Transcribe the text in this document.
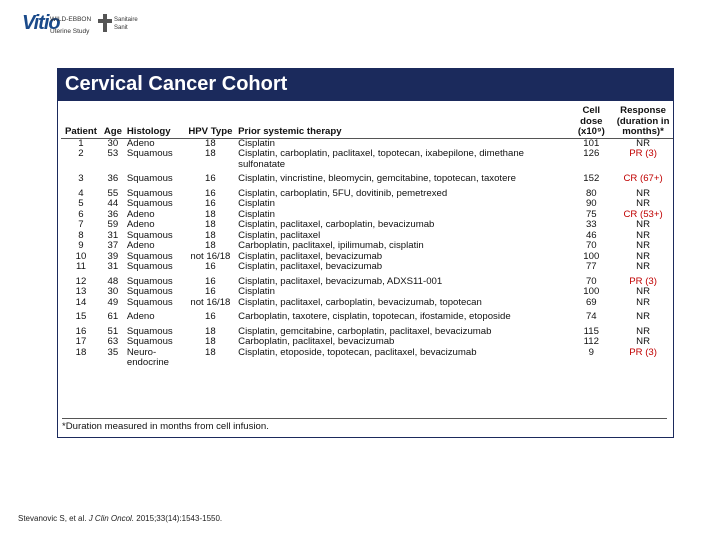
Vitio
WILD-EBBON
Uterine Study
Sanitaire
Sanit
Cervical Cancer Cohort
Patient	Age	Histology	HPV Type	Prior systemic therapy	Cell dose (x10⁹)	Response (duration in months)*
1	30	Adeno	18	Cisplatin	101	NR
2	53	Squamous	18	Cisplatin, carboplatin, paclitaxel, topotecan, ixabepilone, dimethane sulfonatate	126	PR (3)
3	36	Squamous	16	Cisplatin, vincristine, bleomycin, gemcitabine, topotecan, taxotere	152	CR (67+)
4	55	Squamous	16	Cisplatin, carboplatin, 5FU, dovitinib, pemetrexed	80	NR
5	44	Squamous	16	Cisplatin	90	NR
6	36	Adeno	18	Cisplatin	75	CR (53+)
7	59	Adeno	18	Cisplatin, paclitaxel, carboplatin, bevacizumab	33	NR
8	31	Squamous	18	Cisplatin, paclitaxel	46	NR
9	37	Adeno	18	Carboplatin, paclitaxel, ipilimumab, cisplatin	70	NR
10	39	Squamous	not 16/18	Cisplatin, paclitaxel, bevacizumab	100	NR
11	31	Squamous	16	Cisplatin, paclitaxel, bevacizumab	77	NR
12	48	Squamous	16	Cisplatin, paclitaxel, bevacizumab, ADXS11-001	70	PR (3)
13	30	Squamous	16	Cisplatin	100	NR
14	49	Squamous	not 16/18	Cisplatin, paclitaxel, carboplatin, bevacizumab, topotecan	69	NR
15	61	Adeno	16	Carboplatin, taxotere, cisplatin, topotecan, ifostamide, etoposide	74	NR
16	51	Squamous	18	Cisplatin, gemcitabine, carboplatin, paclitaxel, bevacizumab	115	NR
17	63	Squamous	18	Carboplatin, paclitaxel, bevacizumab	112	NR
18	35	Neuro-endocrine	18	Cisplatin, etoposide, topotecan, paclitaxel, bevacizumab	9	PR (3)
*Duration measured in months from cell infusion.
Stevanovic S, et al. J Clin Oncol. 2015;33(14):1543-1550.
